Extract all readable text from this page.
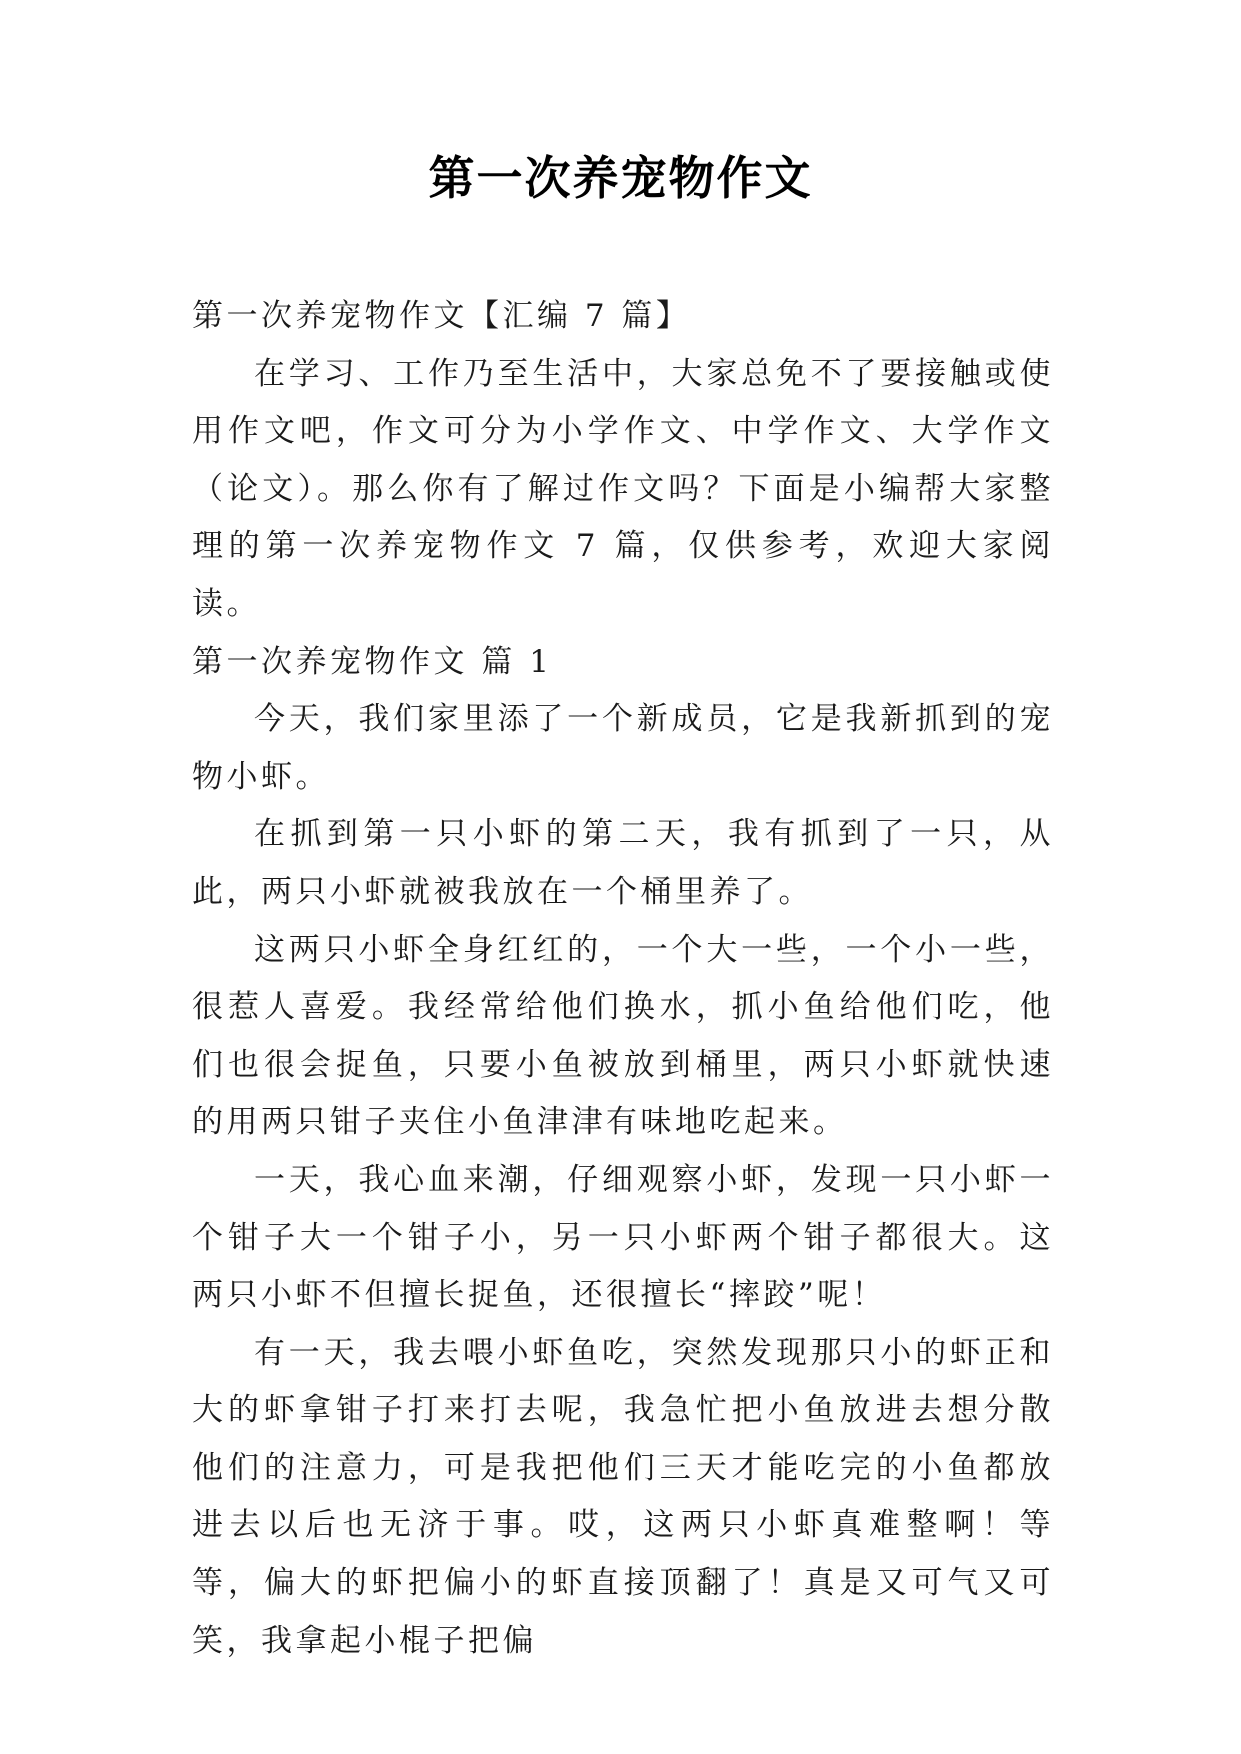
第一次养宠物作文

第一次养宠物作文【汇编 7 篇】

在学习、工作乃至生活中，大家总免不了要接触或使用作文吧，作文可分为小学作文、中学作文、大学作文（论文）。那么你有了解过作文吗？下面是小编帮大家整理的第一次养宠物作文 7 篇，仅供参考，欢迎大家阅读。

第一次养宠物作文 篇 1

今天，我们家里添了一个新成员，它是我新抓到的宠物小虾。

在抓到第一只小虾的第二天，我有抓到了一只，从此，两只小虾就被我放在一个桶里养了。

这两只小虾全身红红的，一个大一些，一个小一些，很惹人喜爱。我经常给他们换水，抓小鱼给他们吃，他们也很会捉鱼，只要小鱼被放到桶里，两只小虾就快速的用两只钳子夹住小鱼津津有味地吃起来。

一天，我心血来潮，仔细观察小虾，发现一只小虾一个钳子大一个钳子小，另一只小虾两个钳子都很大。这两只小虾不但擅长捉鱼，还很擅长“摔跤”呢！

有一天，我去喂小虾鱼吃，突然发现那只小的虾正和大的虾拿钳子打来打去呢，我急忙把小鱼放进去想分散他们的注意力，可是我把他们三天才能吃完的小鱼都放进去以后也无济于事。哎，这两只小虾真难整啊！等等，偏大的虾把偏小的虾直接顶翻了！真是又可气又可笑，我拿起小棍子把偏
